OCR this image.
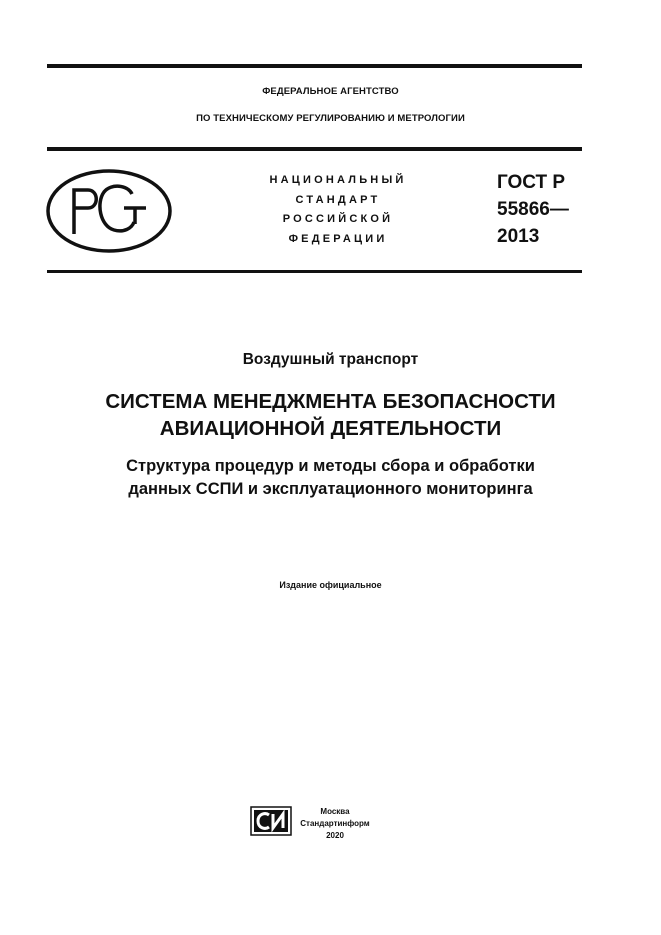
ФЕДЕРАЛЬНОЕ АГЕНТСТВО
ПО ТЕХНИЧЕСКОМУ РЕГУЛИРОВАНИЮ И МЕТРОЛОГИИ
НАЦИОНАЛЬНЫЙ
СТАНДАРТ
РОССИЙСКОЙ
ФЕДЕРАЦИИ
ГОСТ Р
55866—
2013
Воздушный транспорт
СИСТЕМА МЕНЕДЖМЕНТА БЕЗОПАСНОСТИ
АВИАЦИОННОЙ ДЕЯТЕЛЬНОСТИ
Структура процедур и методы сбора и обработки
данных ССПИ и эксплуатационного мониторинга
Издание официальное
Москва
Стандартинформ
2020
